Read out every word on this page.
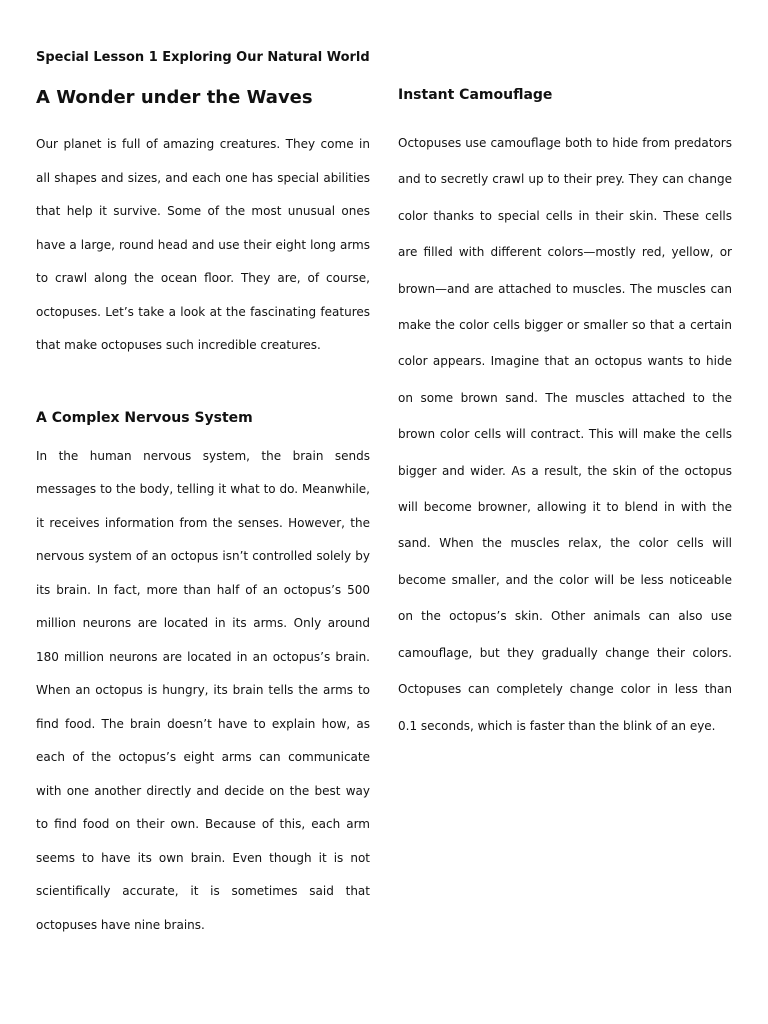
Special Lesson 1 Exploring Our Natural World

A Wonder under the Waves

Our planet is full of amazing creatures. They come in all shapes and sizes, and each one has special abilities that help it survive. Some of the most unusual ones have a large, round head and use their eight long arms to crawl along the ocean floor. They are, of course, octopuses. Let’s take a look at the fascinating features that make octopuses such incredible creatures.

A Complex Nervous System

In the human nervous system, the brain sends messages to the body, telling it what to do. Meanwhile, it receives information from the senses. However, the nervous system of an octopus isn’t controlled solely by its brain. In fact, more than half of an octopus’s 500 million neurons are located in its arms. Only around 180 million neurons are located in an octopus’s brain. When an octopus is hungry, its brain tells the arms to find food. The brain doesn’t have to explain how, as each of the octopus’s eight arms can communicate with one another directly and decide on the best way to find food on their own. Because of this, each arm seems to have its own brain. Even though it is not scientifically accurate, it is sometimes said that octopuses have nine brains.

Instant Camouflage

Octopuses use camouflage both to hide from predators and to secretly crawl up to their prey. They can change color thanks to special cells in their skin. These cells are filled with different colors—mostly red, yellow, or brown—and are attached to muscles. The muscles can make the color cells bigger or smaller so that a certain color appears. Imagine that an octopus wants to hide on some brown sand. The muscles attached to the brown color cells will contract. This will make the cells bigger and wider. As a result, the skin of the octopus will become browner, allowing it to blend in with the sand. When the muscles relax, the color cells will become smaller, and the color will be less noticeable on the octopus’s skin. Other animals can also use camouflage, but they gradually change their colors. Octopuses can completely change color in less than 0.1 seconds, which is faster than the blink of an eye.
